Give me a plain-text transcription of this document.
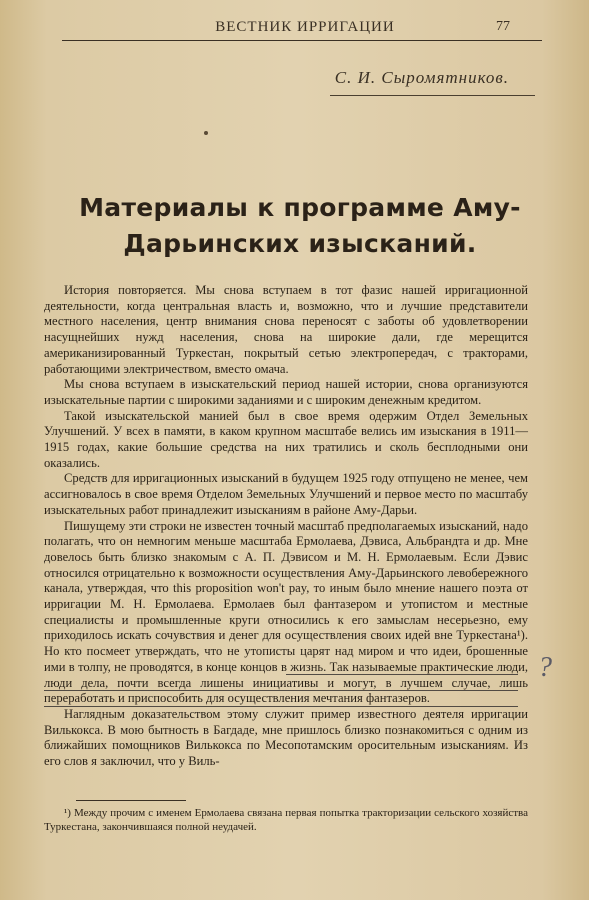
ВЕСТНИК ИРРИГАЦИИ	77
С. И. Сыромятников.
Материалы к программе Аму-Дарьинских изысканий.

История повторяется. Мы снова вступаем в тот фазис нашей ирригационной деятельности, когда центральная власть и, возможно, что и лучшие представители местного населения, центр внимания снова переносят с заботы об удовлетворении насущнейших нужд населения, снова на широкие дали, где мерещится американизированный Туркестан, покрытый сетью электропередач, с тракторами, работающими электричеством, вместо омача.

Мы снова вступаем в изыскательский период нашей истории, снова организуются изыскательные партии с широкими заданиями и с широким денежным кредитом.

Такой изыскательской манией был в свое время одержим Отдел Земельных Улучшений. У всех в памяти, в каком крупном масштабе велись им изыскания в 1911—1915 годах, какие большие средства на них тратились и сколь бесплодными они оказались.

Средств для ирригационных изысканий в будущем 1925 году отпущено не менее, чем ассигновалось в свое время Отделом Земельных Улучшений и первое место по масштабу изыскательных работ принадлежит изысканиям в районе Аму-Дарьи.

Пишущему эти строки не известен точный масштаб предполагаемых изысканий, надо полагать, что он немногим меньше масштаба Ермолаева, Дэвиса, Альбрандта и др. Мне довелось быть близко знакомым с А. П. Дэвисом и М. Н. Ермолаевым. Если Дэвис относился отрицательно к возможности осуществления Аму-Дарьинского левобережного канала, утверждая, что this proposition won't pay, то иным было мнение нашего поэта от ирригации М. Н. Ермолаева. Ермолаев был фантазером и утопистом и местные специалисты и промышленные круги относились к его замыслам несерьезно, ему приходилось искать сочувствия и денег для осуществления своих идей вне Туркестана¹). Но кто посмеет утверждать, что не утописты царят над миром и что идеи, брошенные ими в толпу, не проводятся, в конце концов в жизнь. Так называемые практические люди, люди дела, почти всегда лишены инициативы и могут, в лучшем случае, лишь переработать и приспособить для осуществления мечтания фантазеров.

Наглядным доказательством этому служит пример известного деятеля ирригации Вилькокса. В мою бытность в Багдаде, мне пришлось близко познакомиться с одним из ближайших помощников Вилькокса по Месопотамским оросительным изысканиям. Из его слов я заключил, что у Виль-

?
¹) Между прочим с именем Ермолаева связана первая попытка тракторизации сельского хозяйства Туркестана, закончившаяся полной неудачей.
